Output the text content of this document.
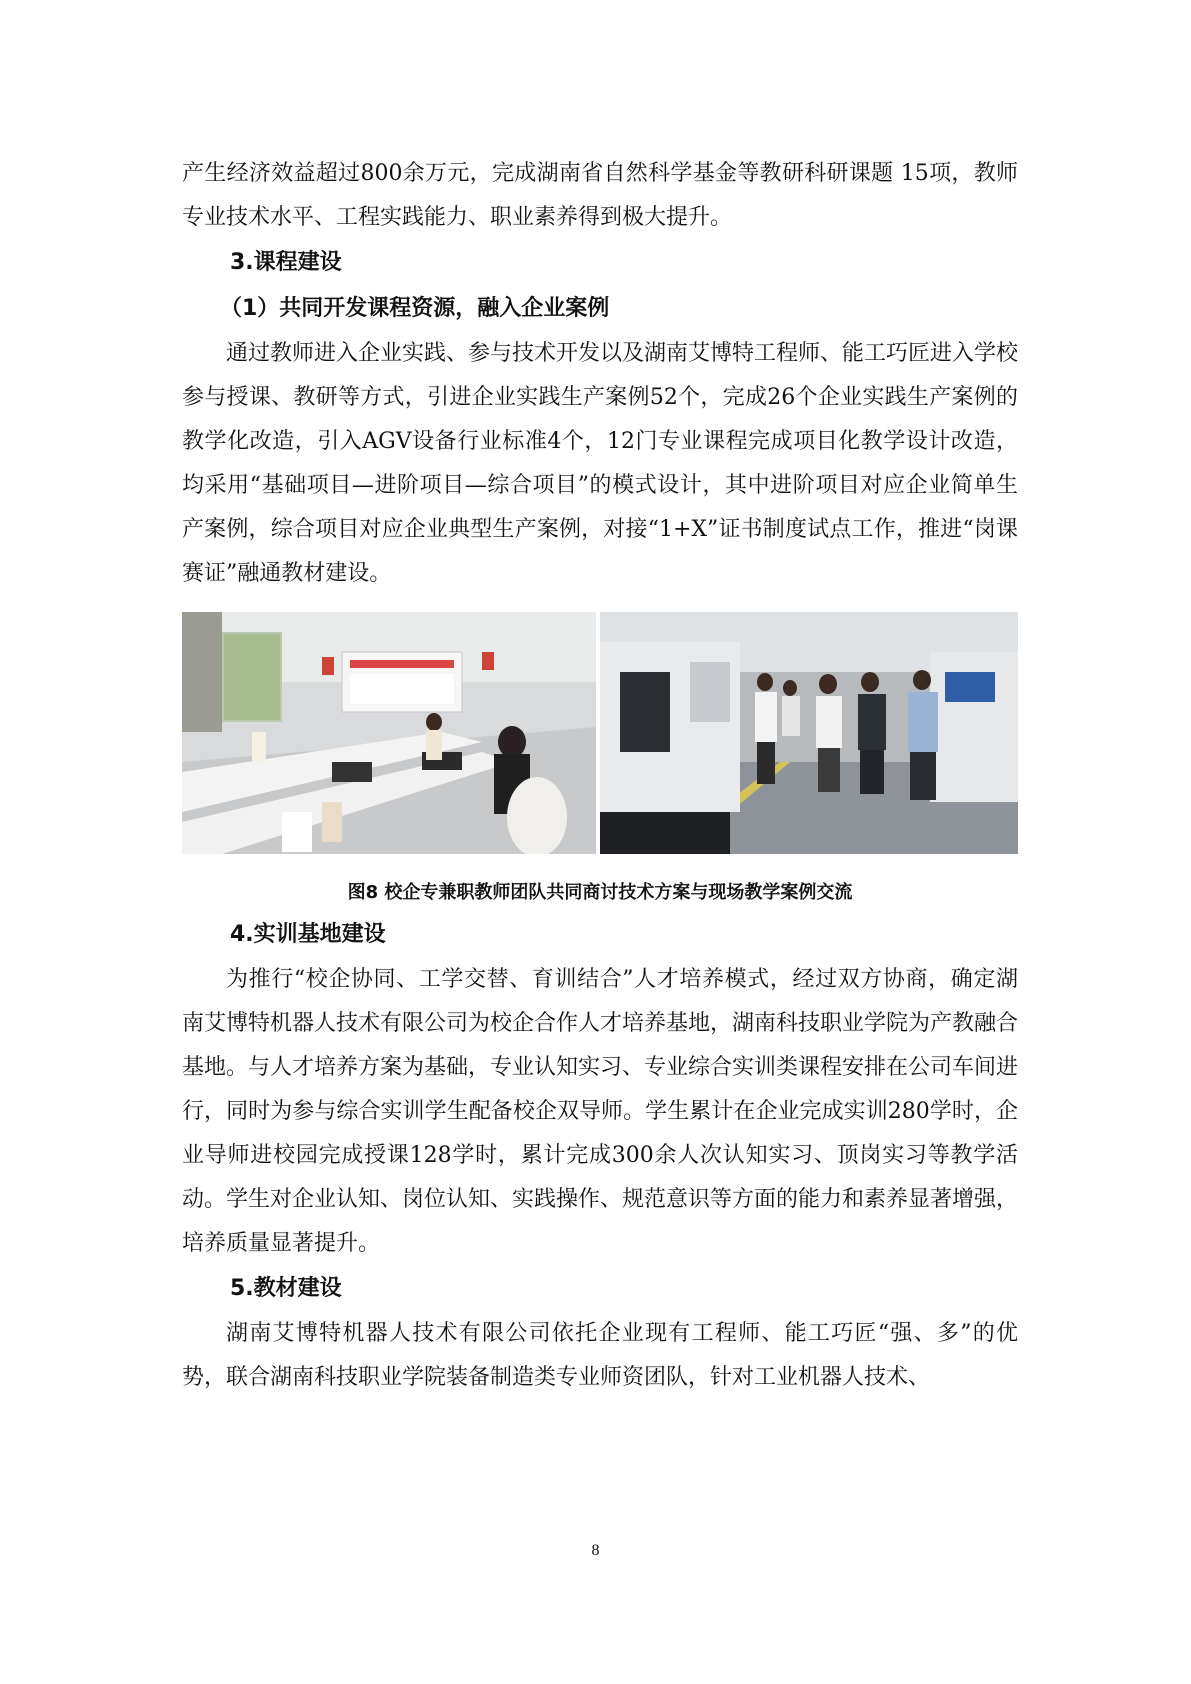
产生经济效益超过800余万元，完成湖南省自然科学基金等教研科研课题 15项，教师专业技术水平、工程实践能力、职业素养得到极大提升。

3.课程建设

（1）共同开发课程资源，融入企业案例

通过教师进入企业实践、参与技术开发以及湖南艾博特工程师、能工巧匠进入学校参与授课、教研等方式，引进企业实践生产案例52个，完成26个企业实践生产案例的教学化改造，引入AGV设备行业标准4个，12门专业课程完成项目化教学设计改造，均采用“基础项目—进阶项目—综合项目”的模式设计，其中进阶项目对应企业简单生产案例，综合项目对应企业典型生产案例，对接“1+X”证书制度试点工作，推进“岗课赛证”融通教材建设。

图8 校企专兼职教师团队共同商讨技术方案与现场教学案例交流

4.实训基地建设

为推行“校企协同、工学交替、育训结合”人才培养模式，经过双方协商，确定湖南艾博特机器人技术有限公司为校企合作人才培养基地，湖南科技职业学院为产教融合基地。与人才培养方案为基础，专业认知实习、专业综合实训类课程安排在公司车间进行，同时为参与综合实训学生配备校企双导师。学生累计在企业完成实训280学时，企业导师进校园完成授课128学时，累计完成300余人次认知实习、顶岗实习等教学活动。学生对企业认知、岗位认知、实践操作、规范意识等方面的能力和素养显著增强，培养质量显著提升。

5.教材建设

湖南艾博特机器人技术有限公司依托企业现有工程师、能工巧匠“强、多”的优势，联合湖南科技职业学院装备制造类专业师资团队，针对工业机器人技术、

8
